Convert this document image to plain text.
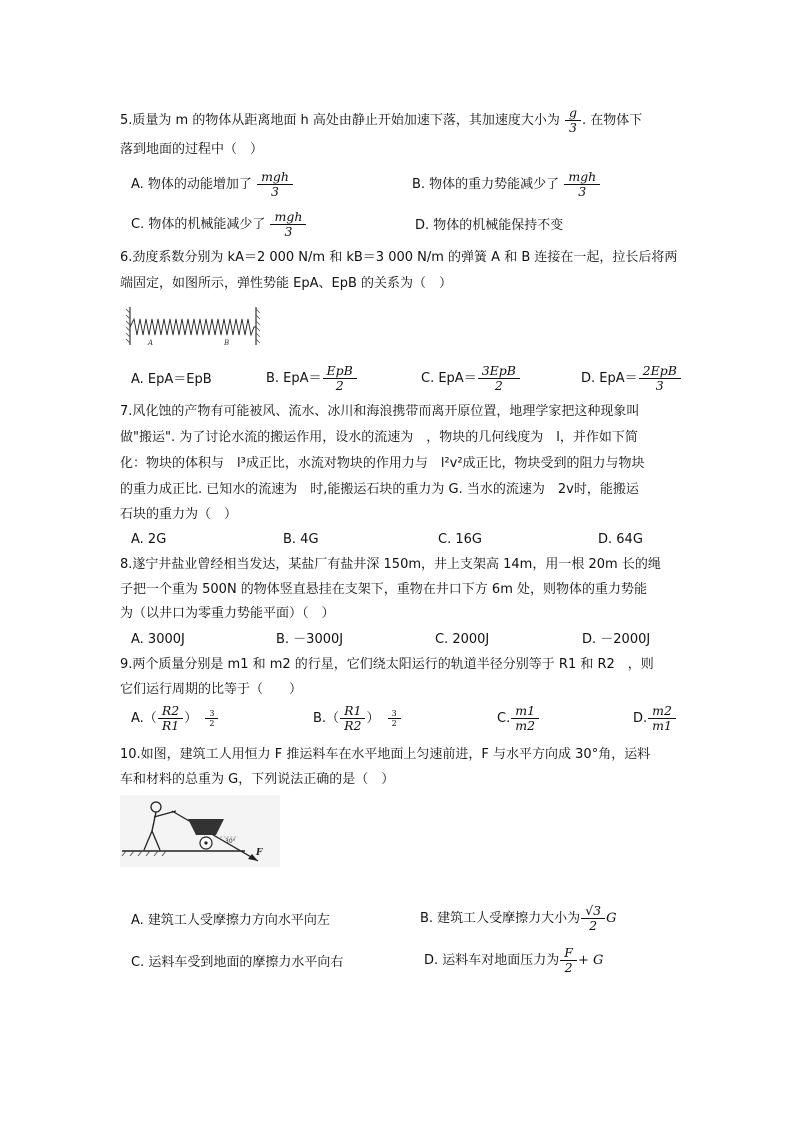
5.质量为 m 的物体从距离地面 h 高处由静止开始加速下落，其加速度大小为 $\frac{g}{3}$ . 在物体下
落到地面的过程中（　）
A. 物体的动能增加了 $\frac{\text{mgh}}{3}$	B. 物体的重力势能减少了 $\frac{\text{mgh}}{3}$
C. 物体的机械能减少了 $\frac{\text{mgh}}{3}$	D. 物体的机械能保持不变
6.劲度系数分别为 kA＝2 000 N/m 和 kB＝3 000 N/m 的弹簧 A 和 B 连接在一起，拉长后将两
端固定，如图所示，弹性势能 EpA、EpB 的关系为（　）
A	B
A. EpA＝EpB	B. $EpA= \frac{\text{EpB}}{2}$	C. $EpA= \frac{\text{3EpB}}{2}$	D. $EpA= \frac{\text{2EpB}}{3}$
7.风化蚀的产物有可能被风、流水、冰川和海浪携带而离开原位置，地理学家把这种现象叫
做"搬运". 为了讨论水流的搬运作用，设水的流速为　，物块的几何线度为　l，并作如下简
化：物块的体积与　l³成正比，水流对物块的作用力与　l²v²成正比，物块受到的阻力与物块
的重力成正比. 已知水的流速为　时,能搬运石块的重力为 G. 当水的流速为　2v时，能搬运
石块的重力为（　）
A. 2G	B. 4G	C. 16G	D. 64G
8.遂宁井盐业曾经相当发达，某盐厂有盐井深 150m，井上支架高 14m，用一根 20m 长的绳
子把一个重为 500N 的物体竖直悬挂在支架下，重物在井口下方 6m 处，则物体的重力势能
为（以井口为零重力势能平面）（　）
A. 3000J	B. －3000J	C. 2000J	D. －2000J
9.两个质量分别是 m1 和 m2 的行星，它们绕太阳运行的轨道半径分别等于 R1 和 R2　，则
它们运行周期的比等于（　　）
$A.( \frac{R2}{R1}$ ） $\frac{3}{2}$	$B.( \frac{R1}{R2}$ ） $\frac{3}{2}$	C. $\frac{m1}{m2}$	D. $\frac{m2}{m1}$
10.如图，建筑工人用恒力 F 推运料车在水平地面上匀速前进，F 与水平方向成 30°角，运料
车和材料的总重为 G，下列说法正确的是（　）
30°
F
A. 建筑工人受摩擦力方向水平向左	B. 建筑工人受摩擦力大小为 $\frac{√3}{2}$ G
C. 运料车受到地面的摩擦力水平向右	D. 运料车对地面压力为 $\frac{F}{2} + G$
